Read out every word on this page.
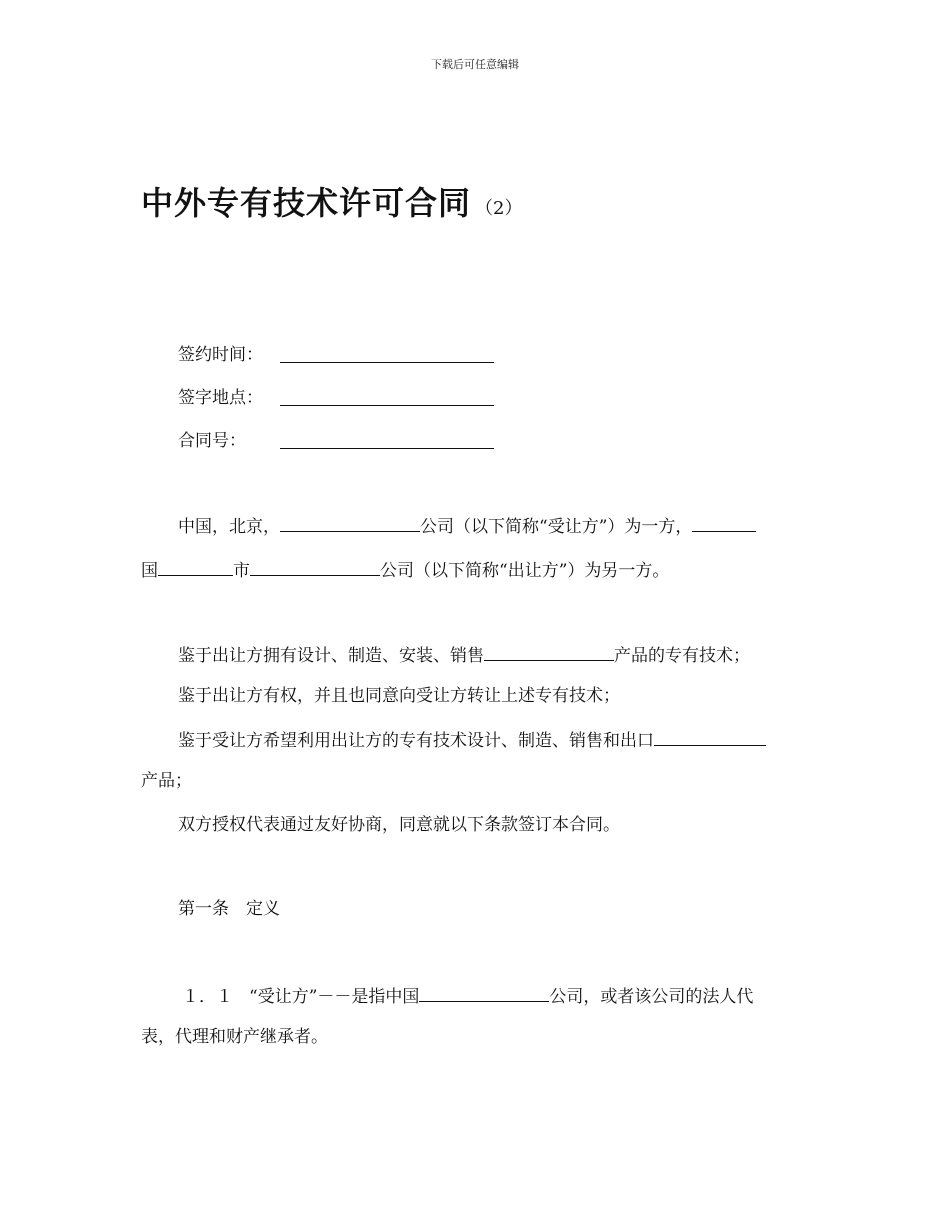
下载后可任意编辑
中外专有技术许可合同 （2）
签约时间：
签字地点：
合同号：
中国，北京，	公司（以下简称“受让方”）为一方，
国	市	公司（以下简称“出让方”）为另一方。
鉴于出让方拥有设计、制造、安装、销售	产品的专有技术；
鉴于出让方有权，并且也同意向受让方转让上述专有技术；
鉴于受让方希望利用出让方的专有技术设计、制造、销售和出口
产品；
双方授权代表通过友好协商，同意就以下条款签订本合同。
第一条　定义
１．１ “受让方”－－是指中国	公司，或者该公司的法人代
表，代理和财产继承者。
